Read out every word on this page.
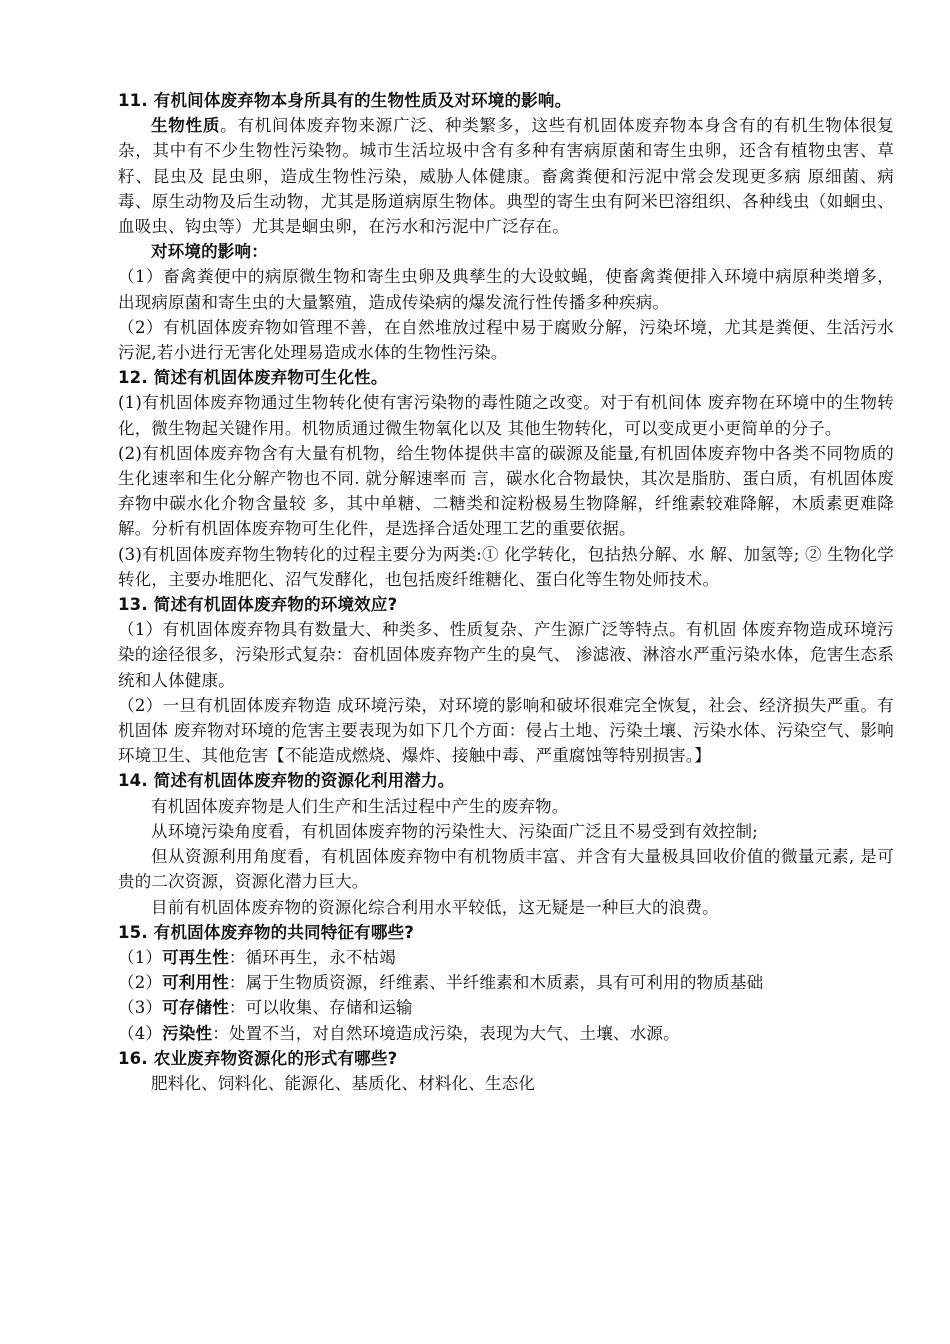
11. 有机间体废弃物本身所具有的生物性质及对环境的影响。

生物性质。有机间体废弃物来源广泛、种类繁多，这些有机固体废弃物本身含有的有机生物体很复杂，其中有不少生物性污染物。城市生活垃圾中含有多种有害病原菌和寄生虫卵，还含有植物虫害、草籽、昆虫及 昆虫卵，造成生物性污染，威胁人体健康。畜禽粪便和污泥中常会发现更多病 原细菌、病毒、原生动物及后生动物，尤其是肠道病原生物体。典型的寄生虫有阿米巴溶组织、各种线虫（如蛔虫、血吸虫、钩虫等）尤其是蛔虫卵，在污水和污泥中广泛存在。

对环境的影响：

（1）畜禽粪便中的病原微生物和寄生虫卵及典孳生的大设蚊蝇，使畜禽粪便排入环境中病原种类增多，出现病原菌和寄生虫的大量繁殖，造成传染病的爆发流行性传播多种疾病。

（2）有机固体废弃物如管理不善，在自然堆放过程中易于腐败分解，污染坏境，尤其是粪便、生活污水污泥,若小进行无害化处理易造成水体的生物性污染。

12. 简述有机固体废弃物可生化性。

(1)有机固体废弃物通过生物转化使有害污染物的毒性随之改变。对于有机间体 废弃物在环境中的生物转化，微生物起关键作用。机物质通过微生物氧化以及 其他生物转化，可以变成更小更简单的分子。

(2)有机固体废弃物含有大量有机物，给生物体提供丰富的碳源及能量,有机固体废弃物中各类不同物质的生化速率和生化分解产物也不同. 就分解速率而 言，碳水化合物最快，其次是脂肪、蛋白质，有机固体废弃物中碳水化介物含量较 多，其中单糖、二糖类和淀粉极易生物降解，纤维素较难降解，木质素更难降解。分析有机固体废弃物可生化件，是选择合适处理工艺的重要依据。

(3)有机固体废弃物生物转化的过程主要分为两类:① 化学转化，包拈热分解、水 解、加氢等; ② 生物化学转化，主要办堆肥化、沼气发酵化，也包括废纤维糖化、蛋白化等生物处师技术。

13. 简述有机固体废弃物的环境效应?

（1）有机固体废弃物具有数量大、种类多、性质复杂、产生源广泛等特点。有机固 体废弃物造成环境污染的途径很多，污染形式复杂：奋机固体废弃物产生的臭气、 渗滤液、淋溶水严重污染水体，危害生态系统和人体健康。

（2）一旦有机固体废弃物造 成环境污染，对环境的影响和破坏很难完全恢复，社会、经济损失严重。有机固体 废弃物对环境的危害主要表现为如下几个方面：侵占土地、污染土壤、污染水体、污染空气、影响环境卫生、其他危害【不能造成燃烧、爆炸、接触中毒、严重腐蚀等特别损害。】

14. 简述有机固体废弃物的资源化利用潜力。

有机固体废弃物是人们生产和生活过程中产生的废弃物。

从环境污染角度看，有机固体废弃物的污染性大、污染面广泛且不易受到有效控制;

但从资源利用角度看，有机固体废弃物中有机物质丰富、并含有大量极具回收价值的微量元素, 是可贵的二次资源，资源化潜力巨大。

目前有机固体废弃物的资源化综合利用水平较低，这无疑是一种巨大的浪费。

15. 有机固体废弃物的共同特征有哪些?

（1）可再生性：循环再生，永不枯竭

（2）可利用性：属于生物质资源，纤维素、半纤维素和木质素，具有可利用的物质基础

（3）可存储性：可以收集、存储和运输

（4）污染性：处置不当，对自然环境造成污染，表现为大气、土壤、水源。

16. 农业废弃物资源化的形式有哪些?

肥料化、饲料化、能源化、基质化、材料化、生态化
